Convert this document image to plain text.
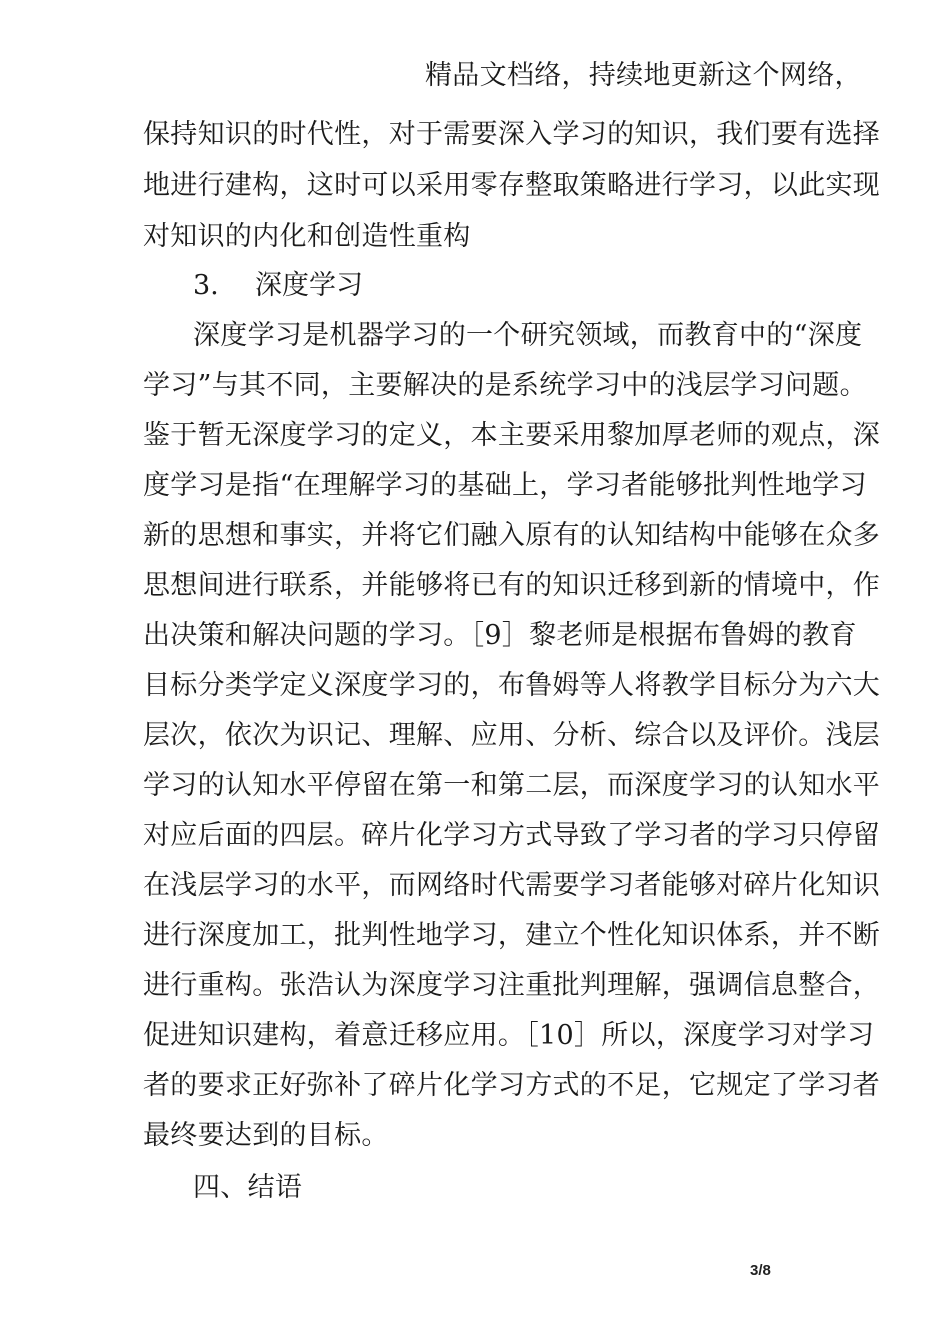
精品文档络，持续地更新这个网络，
保持知识的时代性，对于需要深入学习的知识，我们要有选择
地进行建构，这时可以采用零存整取策略进行学习，以此实现
对知识的内化和创造性重构
3. 深度学习
深度学习是机器学习的一个研究领域，而教育中的“深度
学习”与其不同，主要解决的是系统学习中的浅层学习问题。
鉴于暂无深度学习的定义，本主要采用黎加厚老师的观点，深
度学习是指“在理解学习的基础上，学习者能够批判性地学习
新的思想和事实，并将它们融入原有的认知结构中能够在众多
思想间进行联系，并能够将已有的知识迁移到新的情境中，作
出决策和解决问题的学习。［9］黎老师是根据布鲁姆的教育
目标分类学定义深度学习的，布鲁姆等人将教学目标分为六大
层次，依次为识记、理解、应用、分析、综合以及评价。浅层
学习的认知水平停留在第一和第二层，而深度学习的认知水平
对应后面的四层。碎片化学习方式导致了学习者的学习只停留
在浅层学习的水平，而网络时代需要学习者能够对碎片化知识
进行深度加工，批判性地学习，建立个性化知识体系，并不断
进行重构。张浩认为深度学习注重批判理解，强调信息整合，
促进知识建构，着意迁移应用。［10］所以，深度学习对学习
者的要求正好弥补了碎片化学习方式的不足，它规定了学习者
最终要达到的目标。
四、结语
3/8
